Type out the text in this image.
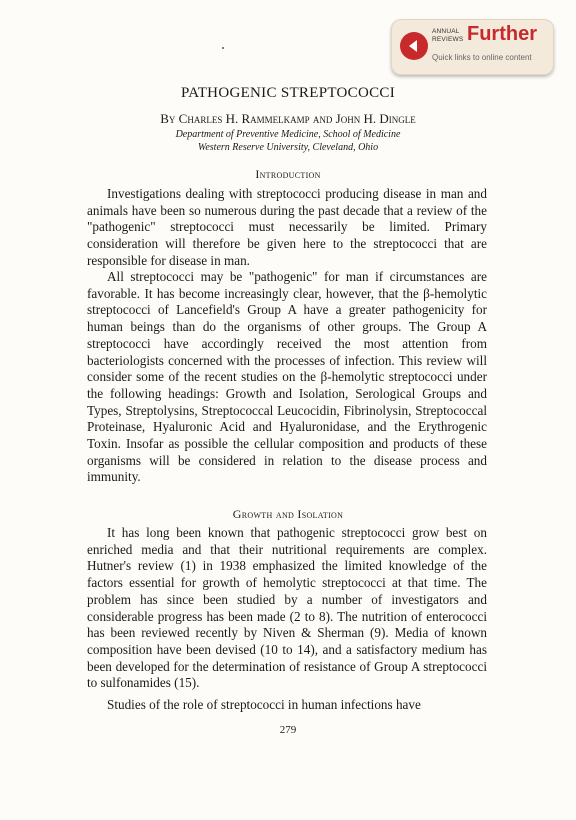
ANNUAL
REVIEWS Further
Quick links to online content
PATHOGENIC STREPTOCOCCI
By Charles H. Rammelkamp and John H. Dingle
Department of Preventive Medicine, School of Medicine
Western Reserve University, Cleveland, Ohio
Introduction

Investigations dealing with streptococci producing disease in man and animals have been so numerous during the past decade that a review of the "pathogenic" streptococci must necessarily be limited. Primary consideration will therefore be given here to the streptococci that are responsible for disease in man.

All streptococci may be "pathogenic" for man if circumstances are favorable. It has become increasingly clear, however, that the β-hemolytic streptococci of Lancefield's Group A have a greater pathogenicity for human beings than do the organisms of other groups. The Group A streptococci have accordingly received the most attention from bacteriologists concerned with the processes of infection. This review will consider some of the recent studies on the β-hemolytic streptococci under the following headings: Growth and Isolation, Serological Groups and Types, Streptolysins, Streptococcal Leucocidin, Fibrinolysin, Streptococcal Proteinase, Hyaluronic Acid and Hyaluronidase, and the Erythrogenic Toxin. Insofar as possible the cellular composition and products of these organisms will be considered in relation to the disease process and immunity.

Growth and Isolation

It has long been known that pathogenic streptococci grow best on enriched media and that their nutritional requirements are complex. Hutner's review (1) in 1938 emphasized the limited knowledge of the factors essential for growth of hemolytic streptococci at that time. The problem has since been studied by a number of investigators and considerable progress has been made (2 to 8). The nutrition of enterococci has been reviewed recently by Niven & Sherman (9). Media of known composition have been devised (10 to 14), and a satisfactory medium has been developed for the determination of resistance of Group A streptococci to sulfonamides (15).

Studies of the role of streptococci in human infections have

279
